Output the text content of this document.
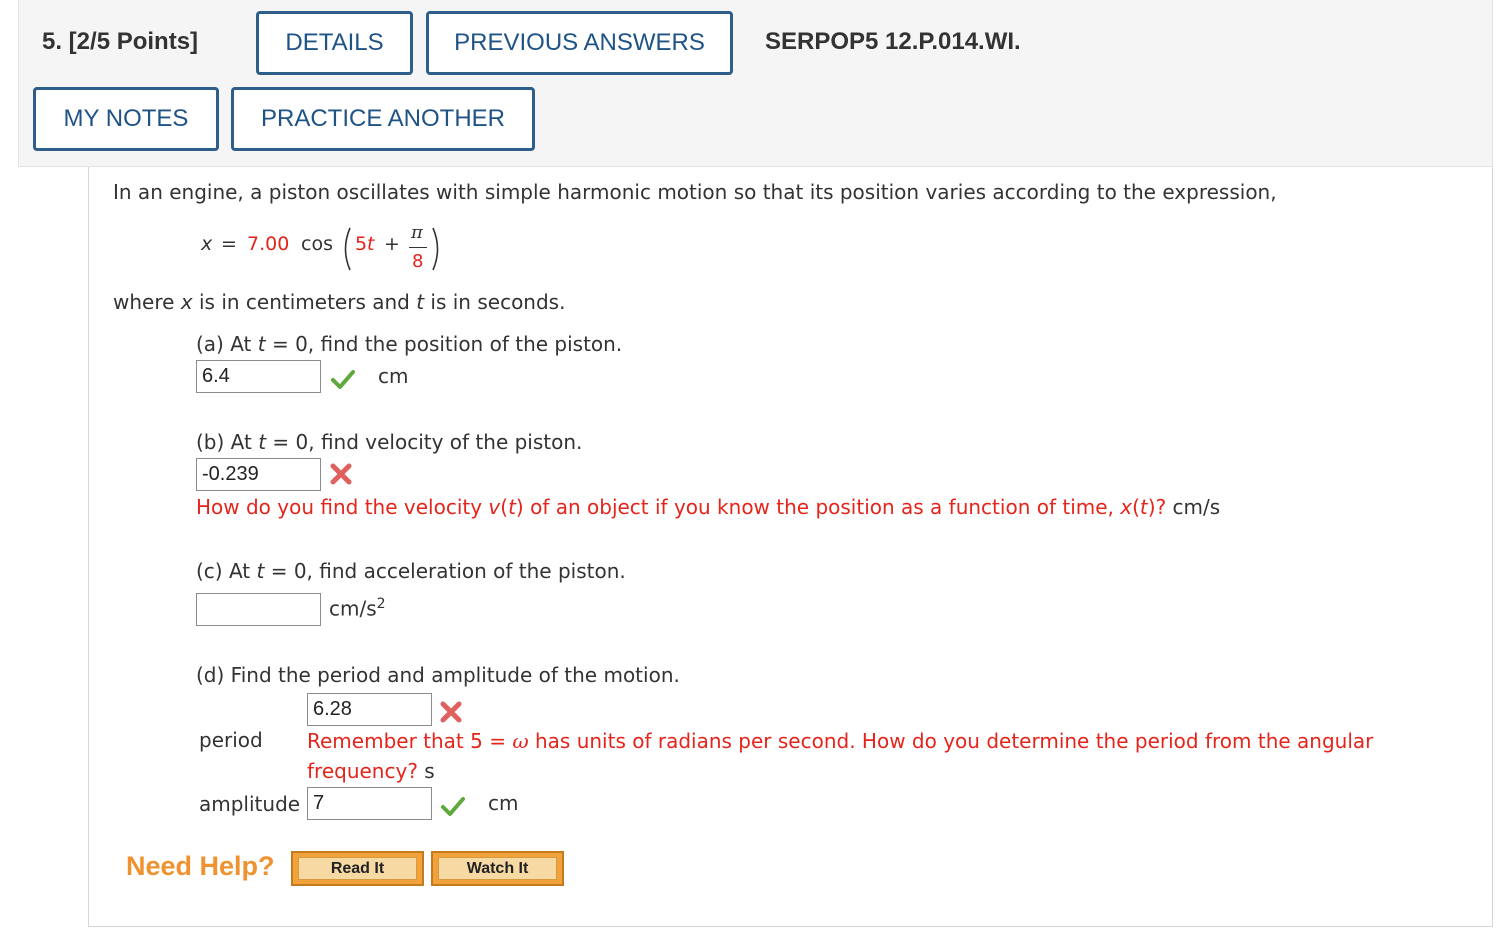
5. [2/5 Points]	DETAILS	PREVIOUS ANSWERS	SERPOP5 12.P.014.WI.
MY NOTES	PRACTICE ANOTHER
In an engine, a piston oscillates with simple harmonic motion so that its position varies according to the expression,
x = 7.00 cos 5 t +
π
8
where x is in centimeters and t is in seconds.
(a) At t = 0, find the position of the piston.
6.4	cm
(b) At t = 0, find velocity of the piston.
-0.239
How do you find the velocity v(t) of an object if you know the position as a function of time, x(t)? cm/s
(c) At t = 0, find acceleration of the piston.
$cm/s^2$
(d) Find the period and amplitude of the motion.
6.28
period Remember that 5 = ω has units of radians per second. How do you determine the period from the angular
frequency? s
amplitude 7	cm
Need Help?	Read It	Watch It
